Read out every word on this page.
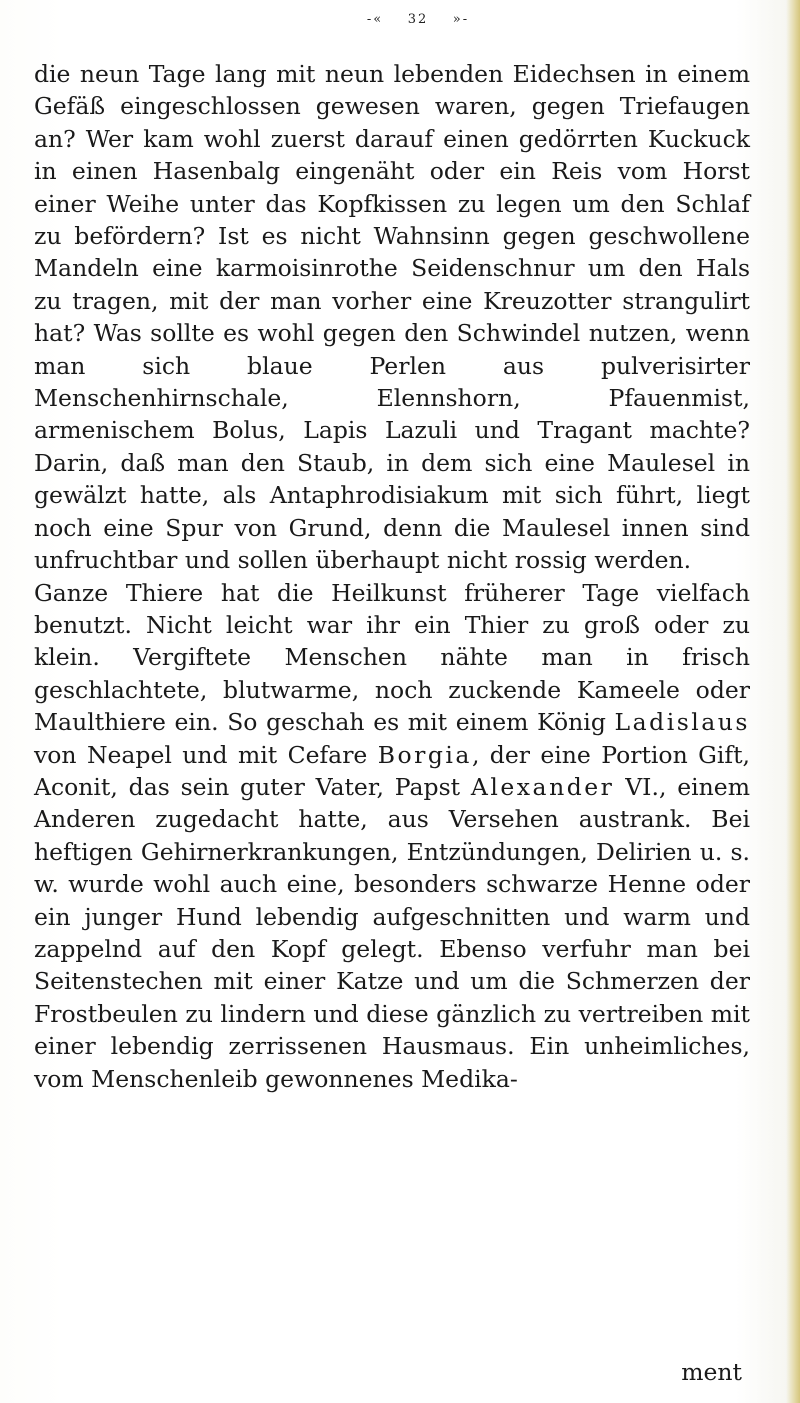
-« 32 »-

die neun Tage lang mit neun lebenden Eidechsen in einem Gefäß eingeschlossen gewesen waren, gegen Triefaugen an? Wer kam wohl zuerst darauf einen gedörrten Kuckuck in einen Hasenbalg eingenäht oder ein Reis vom Horst einer Weihe unter das Kopfkissen zu legen um den Schlaf zu befördern? Ist es nicht Wahnsinn gegen geschwollene Mandeln eine karmoisinrothe Seidenschnur um den Hals zu tragen, mit der man vorher eine Kreuzotter strangulirt hat? Was sollte es wohl gegen den Schwindel nutzen, wenn man sich blaue Perlen aus pulverisirter Menschenhirnschale, Elennshorn, Pfauenmist, armenischem Bolus, Lapis Lazuli und Tragant machte? Darin, daß man den Staub, in dem sich eine Maulesel in gewälzt hatte, als Antaphrodisiakum mit sich führt, liegt noch eine Spur von Grund, denn die Maulesel innen sind unfruchtbar und sollen überhaupt nicht rossig werden.

Ganze Thiere hat die Heilkunst früherer Tage vielfach benutzt. Nicht leicht war ihr ein Thier zu groß oder zu klein. Vergiftete Menschen nähte man in frisch geschlachtete, blutwarme, noch zuckende Kameele oder Maulthiere ein. So geschah es mit einem König Ladislaus von Neapel und mit Cefare Borgia, der eine Portion Gift, Aconit, das sein guter Vater, Papst Alexander VI., einem Anderen zugedacht hatte, aus Versehen austrank. Bei heftigen Gehirnerkrankungen, Entzündungen, Delirien u. s. w. wurde wohl auch eine, besonders schwarze Henne oder ein junger Hund lebendig aufgeschnitten und warm und zappelnd auf den Kopf gelegt. Ebenso verfuhr man bei Seitenstechen mit einer Katze und um die Schmerzen der Frostbeulen zu lindern und diese gänzlich zu vertreiben mit einer lebendig zerrissenen Hausmaus. Ein unheimliches, vom Menschenleib gewonnenes Medika-

ment
